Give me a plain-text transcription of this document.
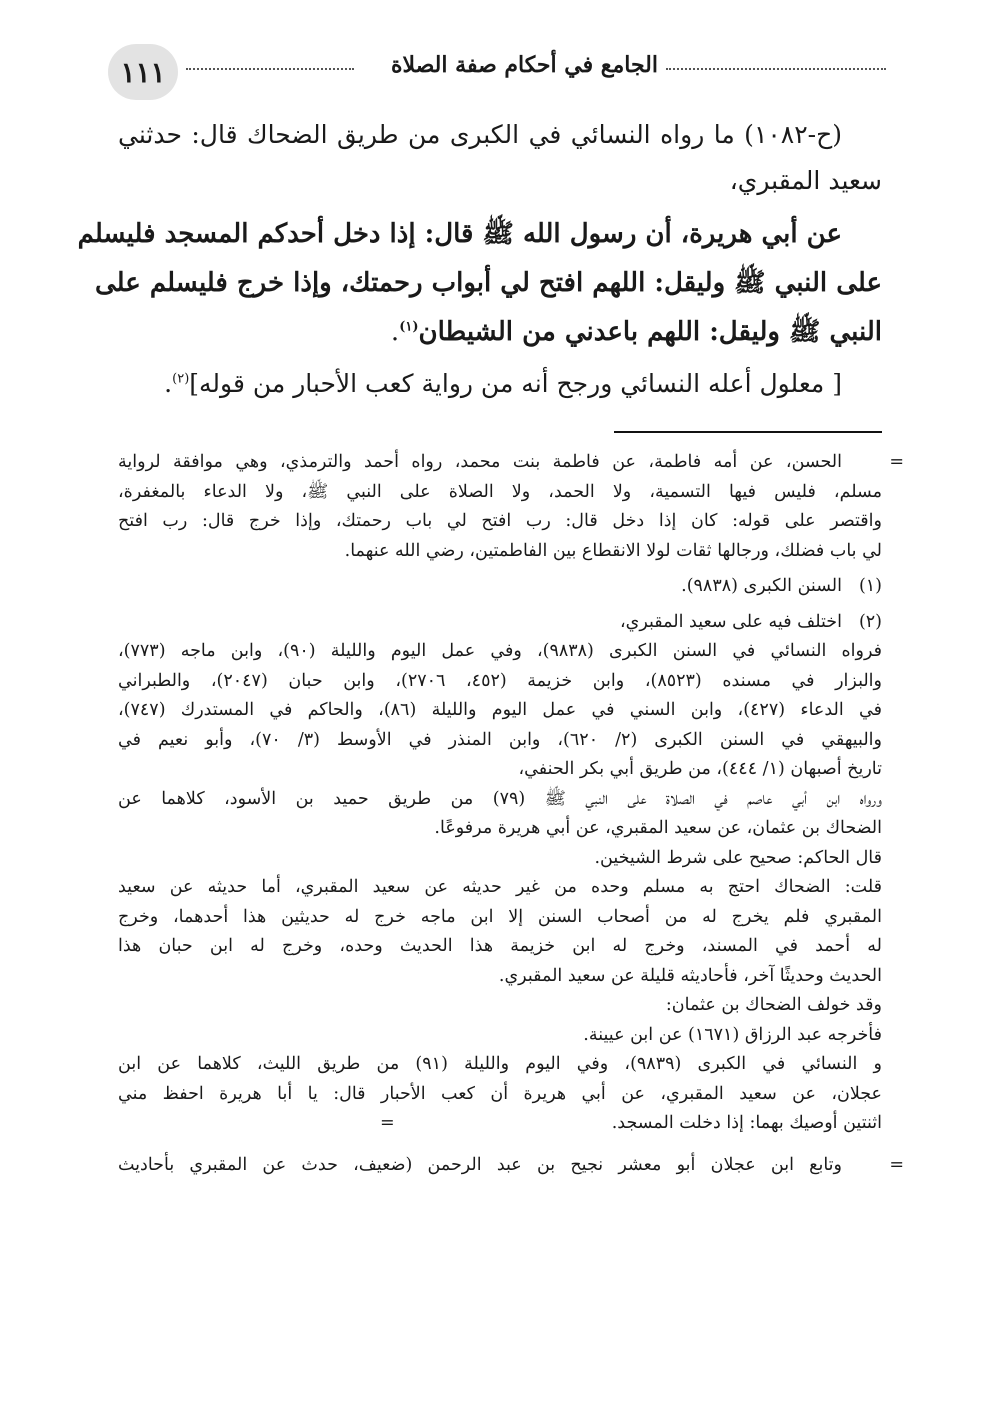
الجامع في أحكام صفة الصلاة
١١١
(ح-١٠٨٢) ما رواه النسائي في الكبرى من طريق الضحاك قال: حدثني
سعيد المقبري،
عن أبي هريرة، أن رسول الله ﷺ قال: إذا دخل أحدكم المسجد فليسلم
على النبي ﷺ وليقل: اللهم افتح لي أبواب رحمتك، وإذا خرج فليسلم على
النبي ﷺ وليقل: اللهم باعدني من الشيطان$^{(١)}$.
[ معلول أعله النسائي ورجح أنه من رواية كعب الأحبار من قوله]$^{(٢)}$.
=
الحسن، عن أمه فاطمة، عن فاطمة بنت محمد، رواه أحمد والترمذي، وهي موافقة لرواية
مسلم، فليس فيها التسمية، ولا الحمد، ولا الصلاة على النبي ﷺ، ولا الدعاء بالمغفرة،
واقتصر على قوله: كان إذا دخل قال: رب افتح لي باب رحمتك، وإذا خرج قال: رب افتح
لي باب فضلك، ورجالها ثقات لولا الانقطاع بين الفاطمتين، رضي الله عنهما.
(١)
السنن الكبرى (٩٨٣٨).
(٢)
اختلف فيه على سعيد المقبري،
فرواه النسائي في السنن الكبرى (٩٨٣٨)، وفي عمل اليوم والليلة (٩٠)، وابن ماجه (٧٧٣)،
والبزار في مسنده (٨٥٢٣)، وابن خزيمة (٤٥٢، ٢٧٠٦)، وابن حبان (٢٠٤٧)، والطبراني
في الدعاء (٤٢٧)، وابن السني في عمل اليوم والليلة (٨٦)، والحاكم في المستدرك (٧٤٧)،
والبيهقي في السنن الكبرى (٢/ ٦٢٠)، وابن المنذر في الأوسط (٣/ ٧٠)، وأبو نعيم في
تاريخ أصبهان (١/ ٤٤٤)، من طريق أبي بكر الحنفي،
ورواه ابن أبي عاصم في الصلاة على النبي ﷺ (٧٩) من طريق حميد بن الأسود، كلاهما عن
الضحاك بن عثمان، عن سعيد المقبري، عن أبي هريرة مرفوعًا.
قال الحاكم: صحيح على شرط الشيخين.
قلت: الضحاك احتج به مسلم وحده من غير حديثه عن سعيد المقبري، أما حديثه عن سعيد
المقبري فلم يخرج له من أصحاب السنن إلا ابن ماجه خرج له حديثين هذا أحدهما، وخرج
له أحمد في المسند، وخرج له ابن خزيمة هذا الحديث وحده، وخرج له ابن حبان هذا
الحديث وحديثًا آخر، فأحاديثه قليلة عن سعيد المقبري.
وقد خولف الضحاك بن عثمان:
فأخرجه عبد الرزاق (١٦٧١) عن ابن عيينة.
و النسائي في الكبرى (٩٨٣٩)، وفي اليوم والليلة (٩١) من طريق الليث، كلاهما عن ابن
عجلان، عن سعيد المقبري، عن أبي هريرة أن كعب الأحبار قال: يا أبا هريرة احفظ مني
اثنتين أوصيك بهما: إذا دخلت المسجد.
=
=
وتابع ابن عجلان أبو معشر نجيح بن عبد الرحمن (ضعيف، حدث عن المقبري بأحاديث
